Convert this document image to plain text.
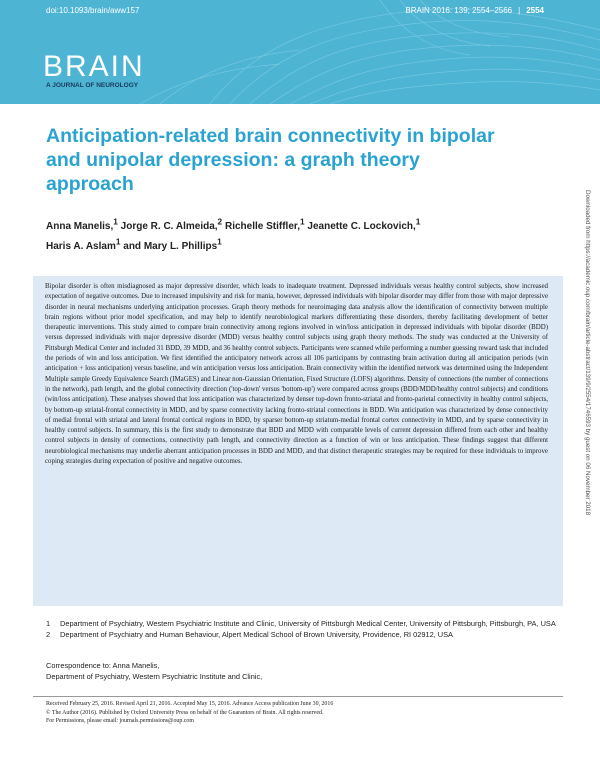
doi:10.1093/brain/aww157	BRAIN 2016: 139; 2554–2566 | 2554
BRAIN
A JOURNAL OF NEUROLOGY
Anticipation-related brain connectivity in bipolar and unipolar depression: a graph theory approach
Anna Manelis,$^1$ Jorge R. C. Almeida,$^2$ Richelle Stiffler,$^1$ Jeanette C. Lockovich,$^1$
Haris A. Aslam$^1$ and Mary L. Phillips$^1$

Bipolar disorder is often misdiagnosed as major depressive disorder, which leads to inadequate treatment. Depressed individuals versus healthy control subjects, show increased expectation of negative outcomes. Due to increased impulsivity and risk for mania, however, depressed individuals with bipolar disorder may differ from those with major depressive disorder in neural mechanisms underlying anticipation processes. Graph theory methods for neuroimaging data analysis allow the identification of connectivity between multiple brain regions without prior model specification, and may help to identify neurobiological markers differentiating these disorders, thereby facilitating development of better therapeutic interventions. This study aimed to compare brain connectivity among regions involved in win/loss anticipation in depressed individuals with bipolar disorder (BDD) versus depressed individuals with major depressive disorder (MDD) versus healthy control subjects using graph theory methods. The study was conducted at the University of Pittsburgh Medical Center and included 31 BDD, 39 MDD, and 36 healthy control subjects. Participants were scanned while performing a number guessing reward task that included the periods of win and loss anticipation. We first identified the anticipatory network across all 106 participants by contrasting brain activation during all anticipation periods (win anticipation + loss anticipation) versus baseline, and win anticipation versus loss anticipation. Brain connectivity within the identified network was determined using the Independent Multiple sample Greedy Equivalence Search (IMaGES) and Linear non-Gaussian Orientation, Fixed Structure (LOFS) algorithms. Density of connections (the number of connections in the network), path length, and the global connectivity direction ('top-down' versus 'bottom-up') were compared across groups (BDD/MDD/healthy control subjects) and conditions (win/loss anticipation). These analyses showed that loss anticipation was characterized by denser top-down fronto-striatal and fronto-parietal connectivity in healthy control subjects, by bottom-up striatal-frontal connectivity in MDD, and by sparse connectivity lacking fronto-striatal connections in BDD. Win anticipation was characterized by dense connectivity of medial frontal with striatal and lateral frontal cortical regions in BDD, by sparser bottom-up striatum-medial frontal cortex connectivity in MDD, and by sparse connectivity in healthy control subjects. In summary, this is the first study to demonstrate that BDD and MDD with comparable levels of current depression differed from each other and healthy control subjects in density of connections, connectivity path length, and connectivity direction as a function of win or loss anticipation. These findings suggest that different neurobiological mechanisms may underlie aberrant anticipation processes in BDD and MDD, and that distinct therapeutic strategies may be required for these individuals to improve coping strategies during expectation of positive and negative outcomes.

1	Department of Psychiatry, Western Psychiatric Institute and Clinic, University of Pittsburgh Medical Center, University of Pittsburgh, Pittsburgh, PA, USA
2	Department of Psychiatry and Human Behaviour, Alpert Medical School of Brown University, Providence, RI 02912, USA
Correspondence to: Anna Manelis,
Department of Psychiatry, Western Psychiatric Institute and Clinic,
Received February 25, 2016. Revised April 21, 2016. Accepted May 15, 2016. Advance Access publication June 30, 2016
© The Author (2016). Published by Oxford University Press on behalf of the Guarantors of Brain. All rights reserved.
For Permissions, please email: journals.permissions@oup.com
Downloaded from https://academic.oup.com/brain/article-abstract/139/9/2554/1746593 by guest on 06 November 2018
